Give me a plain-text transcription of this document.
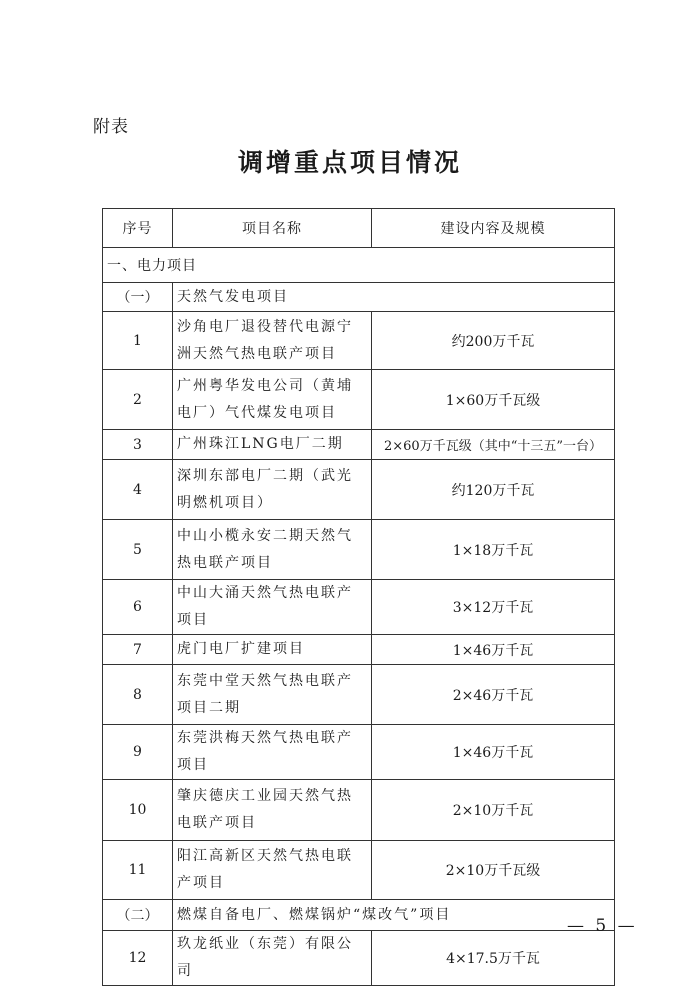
附表
调增重点项目情况
序号	项目名称	建设内容及规模
一、电力项目		
（一）	天然气发电项目	
1	沙角电厂退役替代电源宁洲天然气热电联产项目	约200万千瓦
2	广州粤华发电公司（黄埔电厂）气代煤发电项目	1×60万千瓦级
3	广州珠江LNG电厂二期	2×60万千瓦级（其中“十三五”一台）
4	深圳东部电厂二期（武光明燃机项目）	约120万千瓦
5	中山小榄永安二期天然气热电联产项目	1×18万千瓦
6	中山大涌天然气热电联产项目	3×12万千瓦
7	虎门电厂扩建项目	1×46万千瓦
8	东莞中堂天然气热电联产项目二期	2×46万千瓦
9	东莞洪梅天然气热电联产项目	1×46万千瓦
10	肇庆德庆工业园天然气热电联产项目	2×10万千瓦
11	阳江高新区天然气热电联产项目	2×10万千瓦级
（二）	燃煤自备电厂、燃煤锅炉“煤改气”项目	
12	玖龙纸业（东莞）有限公司	4×17.5万千瓦
— 5 —
